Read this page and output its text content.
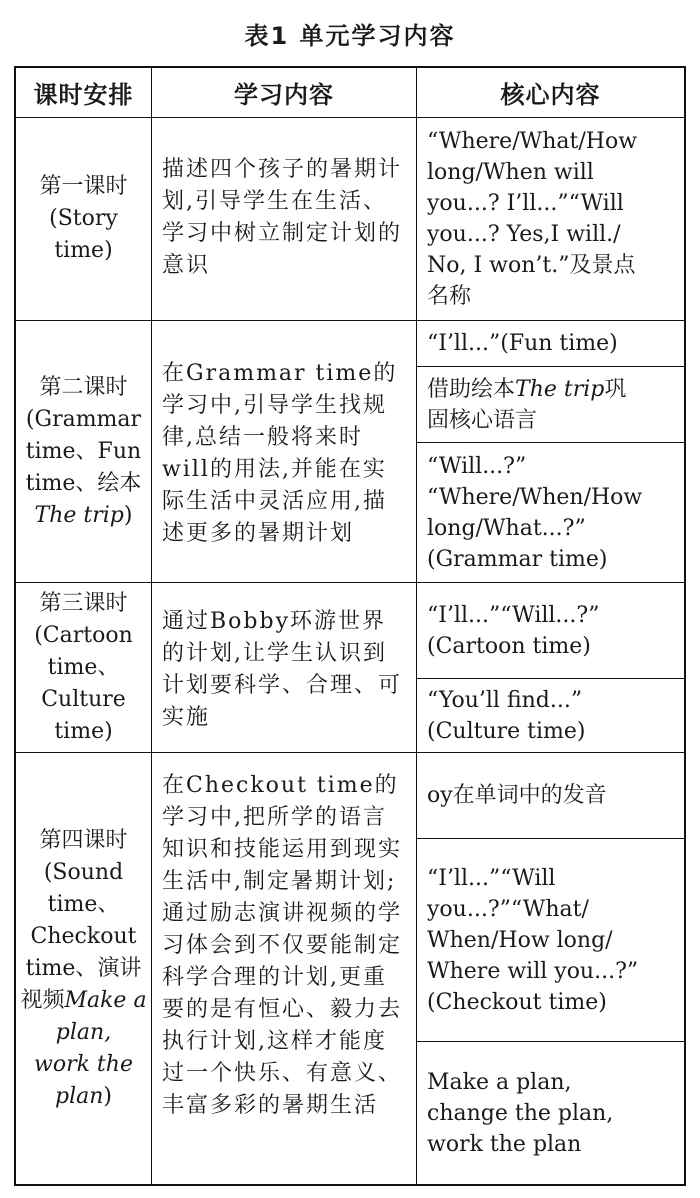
表1 单元学习内容
课时安排	学习内容	核心内容
第一课时
(Story
time)
描述四个孩子的暑期计划,引导学生在生活、学习中树立制定计划的意识
“Where/What/How
long/When will
you...? I’ll...”“Will
you...? Yes,I will./
No, I won’t.”及景点
名称
第二课时
(Grammar
time、Fun
time、绘本
The trip)
在Grammar time的学习中,引导学生找规律,总结一般将来时will的用法,并能在实际生活中灵活应用,描述更多的暑期计划
“I’ll...”(Fun time)
借助绘本The trip巩
固核心语言
“Will...?”
“Where/When/How
long/What...?”
(Grammar time)
第三课时
(Cartoon
time、
Culture
time)
通过Bobby环游世界的计划,让学生认识到计划要科学、合理、可实施
“I’ll...”“Will...?”
(Cartoon time)
“You’ll find...”
(Culture time)
第四课时
(Sound
time、
Checkout
time、演讲
视频Make a
plan,
work the
plan)
在Checkout time的学习中,把所学的语言知识和技能运用到现实生活中,制定暑期计划;通过励志演讲视频的学习体会到不仅要能制定科学合理的计划,更重要的是有恒心、毅力去执行计划,这样才能度过一个快乐、有意义、丰富多彩的暑期生活
oy在单词中的发音
“I’ll...”“Will
you...?”“What/
When/How long/
Where will you...?”
(Checkout time)
Make a plan,
change the plan,
work the plan
